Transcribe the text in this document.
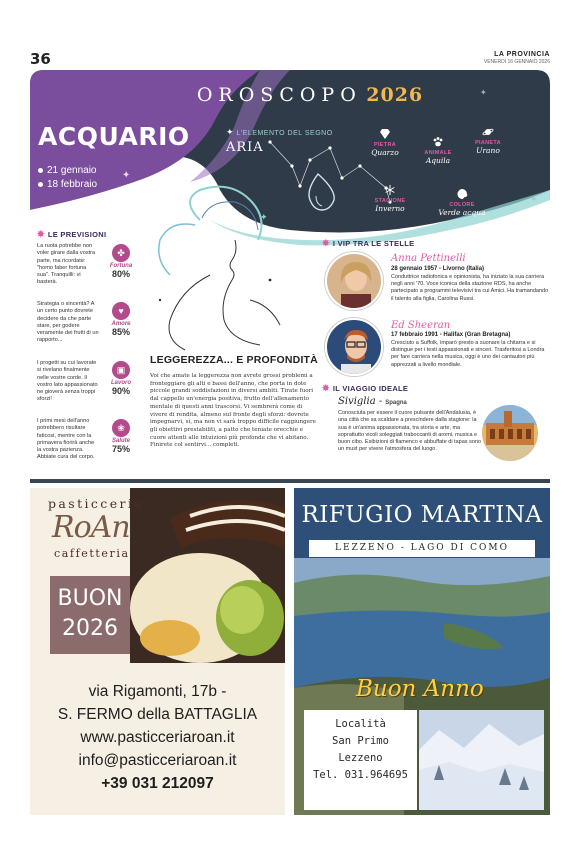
36	LA PROVINCIA
VENERDÌ 16 GENNAIO 2026
✦
✦
✦
OROSCOPO 2026
ACQUARIO
21 gennaio
18 febbraio
✦ L'ELEMENTO DEL SEGNO
ARIA	PIETRA
Quarzo	ANIMALE
Aquila
PIANETA
Urano
STAGIONE
Inverno	COLORE
Verde acqua
✦
✸ LE PREVISIONI
La ruota potrebbe non voler girare dalla vostra parte, ma ricordate: "homo faber fortuna sua". Tranquilli: vi basterà.
✤
Fortuna
80%
Strategia o sincerità? A un certo punto dovrete decidere da che parte stare, per godere veramente dei frutti di un rapporto...
♥
Amore
85%
I progetti su cui lavorate si rivelano finalmente nelle vostre corde. Il vostro lato appassionato ne gioverà senza troppi sforzi!
▣
Lavoro
90%
I primi mesi dell'anno potrebbero risultare faticosi, mentre con la primavera fiorirà anche la vostra pazienza. Abbiate cura del corpo.
❀
Salute
75%
LEGGEREZZA... E PROFONDITÀ
Voi che amate la leggerezza non avrete grossi problemi a fronteggiare gli alti e bassi dell'anno, che porta in dote piccole grandi soddisfazioni in diversi ambiti. Tirate fuori dal cappello un'energia positiva, frutto dell'allenamento mentale di questi anni trascorsi. Vi sembrerà come di vivere di rendita, almeno sul fronte degli sforzi: dovrete impegnarvi, sì, ma non vi sarà troppo difficile raggiungere gli obiettivi prestabiliti, a patto che teniate orecchie e cuore attenti alle intuizioni più profonde che vi abitano. Finirete col sentirvi... completi.
✸ I VIP TRA LE STELLE
Anna Pettinelli
28 gennaio 1957 - Livorno (Italia)
Conduttrice radiofonica e opinionista, ha iniziato la sua carriera negli anni '70. Voce iconica della stazione RDS, ha anche partecipato a programmi televisivi tra cui Amici. Ha tramandando il talento alla figlia, Carolina Russi.
Ed Sheeran
17 febbraio 1991 - Halifax (Gran Bretagna)
Cresciuto a Suffolk, imparò presto a suonare la chitarra e si distingue per i testi appassionati e sinceri. Trasferitosi a Londra per fare carriera nella musica, oggi è uno dei cantautori più apprezzati a livello mondiale.
✸ IL VIAGGIO IDEALE
Siviglia - Spagna
Conosciuta per essere il cuore pulsante dell'Andalusia, è una città che sa scaldare a prescindere dalla stagione: la sua è un'anima appassionata, tra storia e arte, ma soprattutto vicoli soleggiati traboccanti di aromi, musica e buon cibo. Esibizioni di flamenco e abbuffate di tapas sono un must per vivere l'atmosfera del luogo.
pasticceria
RoAn
caffetteria
BUON
2026
via Rigamonti, 17b -
S. FERMO della BATTAGLIA
www.pasticceriaroan.it
info@pasticceriaroan.it
+39 031 212097
RIFUGIO MARTINA
LEZZENO - LAGO DI COMO
Buon Anno
Località
San Primo
Lezzeno
Tel. 031.964695
